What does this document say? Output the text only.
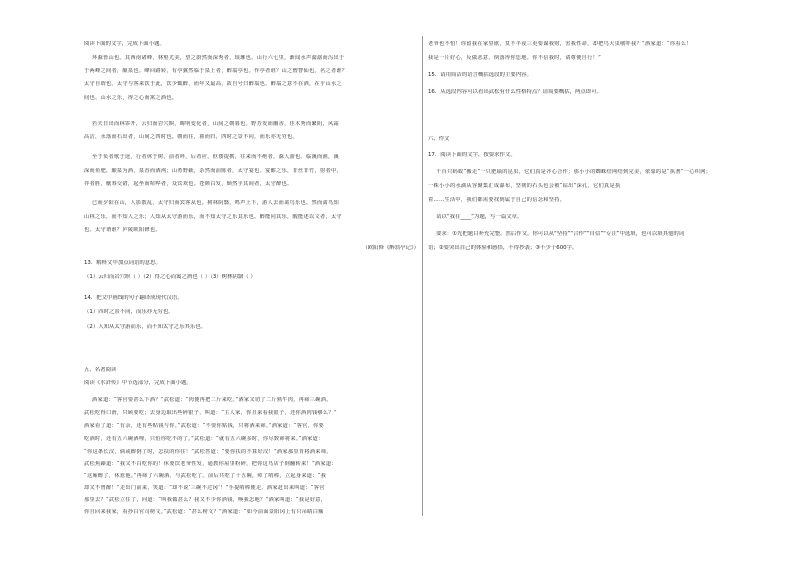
阅读下面的文字，完成下面小题。
环滁皆山也。其西南诸峰，林壑尤美，望之蔚然而深秀者，琅琊也。山行六七里，渐闻水声潺潺而泻出于
于两峰之间者，酿泉也。峰回路转，有亭翼然临于泉上者，醉翁亭也。作亭者谁？山之僧智仙也。名之者谁？
太守自谓也。太守与客来饮于此，饮少辄醉，而年又最高，故自号曰醉翁也。醉翁之意不在酒，在乎山水之
间也。山水之乐，得之心而寓之酒也。
若夫日出而林霏开，云归而岩穴暝，晦明变化者，山间之朝暮也。野芳发而幽香，佳木秀而繁阴，风霜
高洁，水落而石出者，山间之四时也。朝而往，暮而归，四时之景不同，而乐亦无穷也。
至于负者歌于途，行者休于树，前者呼，后者应，伛偻提携，往来而不绝者，滁人游也。临溪而渔，溪
深而鱼肥，酿泉为酒，泉香而酒洌；山肴野蔌，杂然而前陈者，太守宴也。宴酣之乐，非丝非竹，射者中，
弈者胜，觥筹交错，起坐而喧哗者，众宾欢也。苍颜白发，颓然乎其间者，太守醉也。
已而夕阳在山，人影散乱，太守归而宾客从也。树林阴翳，鸣声上下，游人去而禽鸟乐也。然而禽鸟知
山林之乐，而不知人之乐；人知从太守游而乐，而不知太守之乐其乐也。醉能同其乐，醒能述以文者，太守
也。太守谓谁？庐陵欧阳修也。
（欧阳修《醉翁亭记》）
13．解释文中加点词语的意思。
（1）云归而岩穴暝（ ）（2）得之心而寓之酒也（ ）（3）树林阴翳（ ）
14．把文中画线的句子翻译成现代汉语。
（1）四时之景不同，而乐亦无穷也。
（2）人知从太守游而乐，而不知太守之乐其乐也。
五、名著阅读
阅读《水浒传》中节选部分，完成下面小题。
酒家道：“客官要甚么下酒？”武松道：“肉便再把二斤来吃。”酒家又切了二斤熟牛肉，再筛三碗酒。
武松吃得口滑，只顾要吃；去身边取出些碎银子，叫道：“主人家，你且来看我银子，还你酒肉钱够么？”
酒家看了道：“有余，还有些贴钱与你。”武松道：“不要你贴钱，只将酒来筛。”酒家道：“客官，你要
吃酒时，还有五六碗酒哩，只怕你吃不的了。”武松道：“就有五六碗多时，你尽数筛将来。”酒家道：
“你这条长汉，倘或醉倒了时，怎扶的你住！”武松答道：“要你扶的不算好汉！”酒家那里肯将酒来筛。
武松焦躁道：“我又不白吃你的！休要饮老爷性发，通教你屋里粉碎，把你这鸟店子倒翻转来！”酒家道：
“这厮醉了，休惹他。”再筛了六碗酒，与武松吃了。前后共吃了十五碗。绰了哨棒，立起身来道：“我
却又不曾醉！”走出门前来，笑道：“却不说‘三碗不过冈’！”手提哨棒便走。酒家赶出来叫道：“客官
那里去？”武松立住了，问道：“叫我做甚么？我又不少你酒钱，唤我怎地？”酒家叫道：“我是好意，
你且回来我家，看抄白官司榜文。”武松道：“甚么榜文？”酒家道：“如今前面景阳冈上有只吊睛白额
老爷也不怕！你留我在家里歇，莫不半夜三更要谋我财，害我性命，却把鸟大虫唬吓我？”酒家道：“你看么！
我是一片好心，反做恶意，倒落得你恁地。你不信我时，请尊便自行！”
15．请用简洁的语言概括选段的主要内容。
16．从选段内容可以看出武松有什么性格特点？请简要概括，两点即可。
六、作文
17．阅读下面的文字，按要求作文。
千百只蚂蚁“搬走”一只肥硕的昆虫，它们真是齐心合作；那小小的蜘蛛结网结到完美，依靠的是“执著”一心织网；
一株小小的水滴从容聚集汇成瀑布，坚韧的石头也会被“钻出”深孔，它们真是执
着……生活中，我们都需要找到属于自己的信念和坚持。
请以“我在____”为题，写一篇文章。
要求：①先把题目补充完整，然后作文，你可以从“坚持”“合作”“自信”“专注”中选填，也可以填其他的词
语；②要突出自己的体验和感悟，不得抄袭；③不少于600字。
